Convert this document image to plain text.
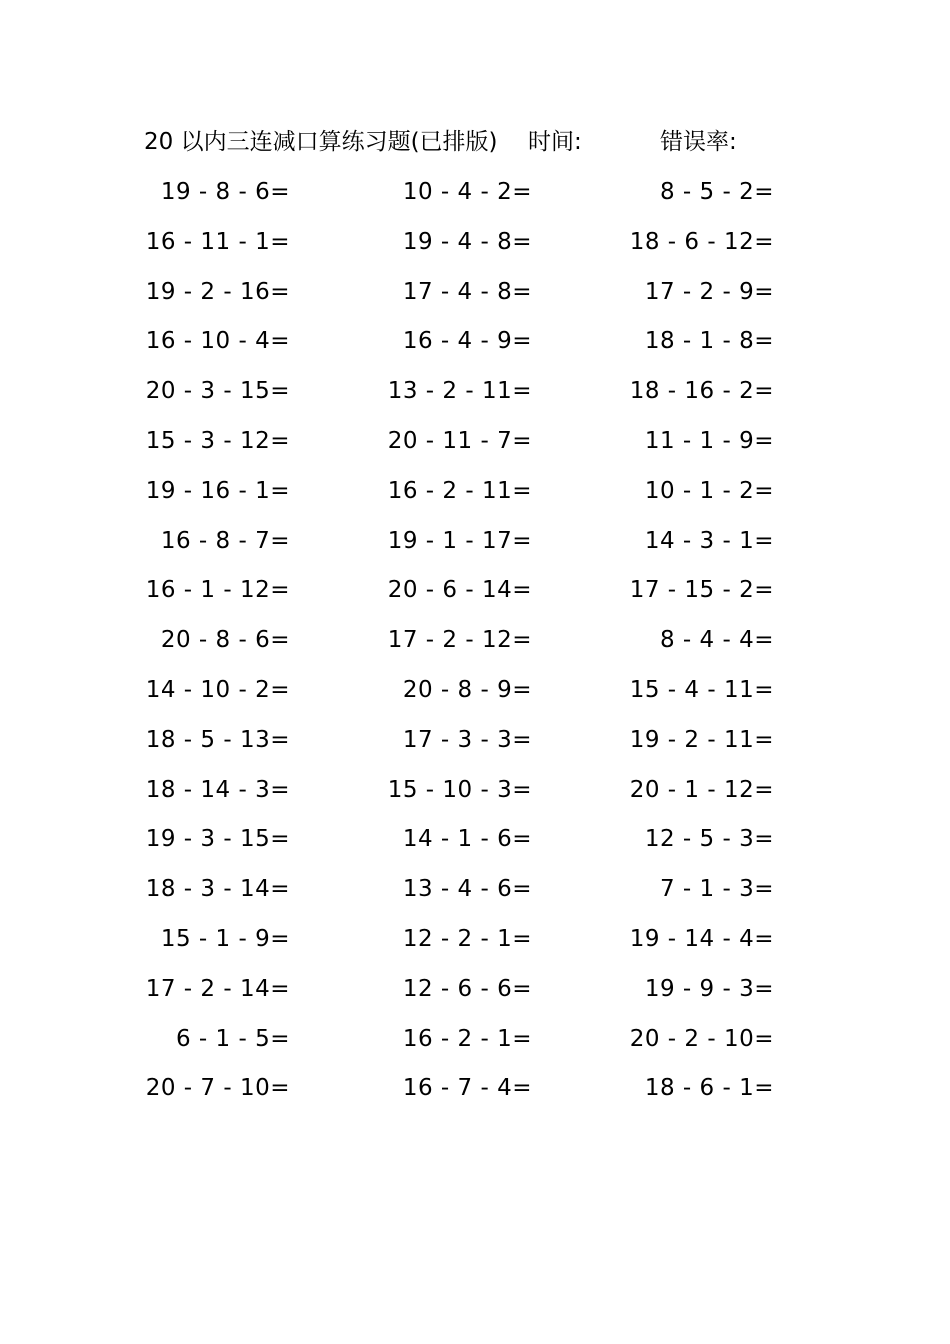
20 以内三连减口算练习题(已排版) 时间:	错误率:
19 - 8 - 6=	10 - 4 - 2=	8 - 5 - 2=
16 - 11 - 1=	19 - 4 - 8=	18 - 6 - 12=
19 - 2 - 16=	17 - 4 - 8=	17 - 2 - 9=
16 - 10 - 4=	16 - 4 - 9=	18 - 1 - 8=
20 - 3 - 15=	13 - 2 - 11=	18 - 16 - 2=
15 - 3 - 12=	20 - 11 - 7=	11 - 1 - 9=
19 - 16 - 1=	16 - 2 - 11=	10 - 1 - 2=
16 - 8 - 7=	19 - 1 - 17=	14 - 3 - 1=
16 - 1 - 12=	20 - 6 - 14=	17 - 15 - 2=
20 - 8 - 6=	17 - 2 - 12=	8 - 4 - 4=
14 - 10 - 2=	20 - 8 - 9=	15 - 4 - 11=
18 - 5 - 13=	17 - 3 - 3=	19 - 2 - 11=
18 - 14 - 3=	15 - 10 - 3=	20 - 1 - 12=
19 - 3 - 15=	14 - 1 - 6=	12 - 5 - 3=
18 - 3 - 14=	13 - 4 - 6=	7 - 1 - 3=
15 - 1 - 9=	12 - 2 - 1=	19 - 14 - 4=
17 - 2 - 14=	12 - 6 - 6=	19 - 9 - 3=
6 - 1 - 5=	16 - 2 - 1=	20 - 2 - 10=
20 - 7 - 10=	16 - 7 - 4=	18 - 6 - 1=
